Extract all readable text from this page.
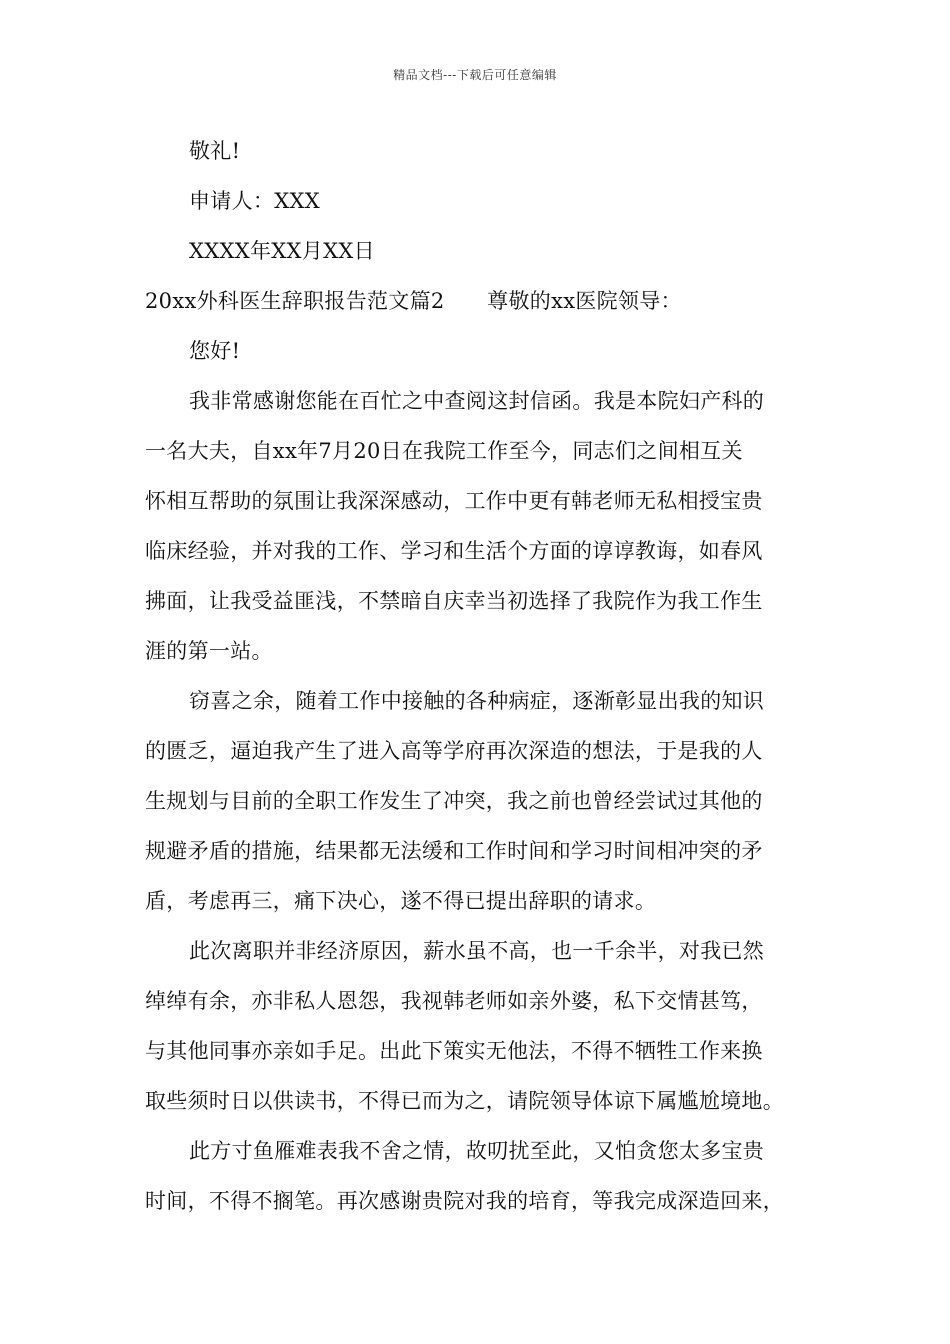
精品文档---下载后可任意编辑
敬礼!
申请人：XXX
XXXX年XX月XX日
20xx外科医生辞职报告范文篇2　　尊敬的xx医院领导：
您好!
我非常感谢您能在百忙之中查阅这封信函。我是本院妇产科的
一名大夫，自xx年7月20日在我院工作至今，同志们之间相互关
怀相互帮助的氛围让我深深感动，工作中更有韩老师无私相授宝贵
临床经验，并对我的工作、学习和生活个方面的谆谆教诲，如春风
拂面，让我受益匪浅，不禁暗自庆幸当初选择了我院作为我工作生
涯的第一站。
窃喜之余，随着工作中接触的各种病症，逐渐彰显出我的知识
的匮乏，逼迫我产生了进入高等学府再次深造的想法，于是我的人
生规划与目前的全职工作发生了冲突，我之前也曾经尝试过其他的
规避矛盾的措施，结果都无法缓和工作时间和学习时间相冲突的矛
盾，考虑再三，痛下决心，遂不得已提出辞职的请求。
此次离职并非经济原因，薪水虽不高，也一千余半，对我已然
绰绰有余，亦非私人恩怨，我视韩老师如亲外婆，私下交情甚笃，
与其他同事亦亲如手足。出此下策实无他法，不得不牺牲工作来换
取些须时日以供读书，不得已而为之，请院领导体谅下属尴尬境地。
此方寸鱼雁难表我不舍之情，故叨扰至此，又怕贪您太多宝贵
时间，不得不搁笔。再次感谢贵院对我的培育，等我完成深造回来，
